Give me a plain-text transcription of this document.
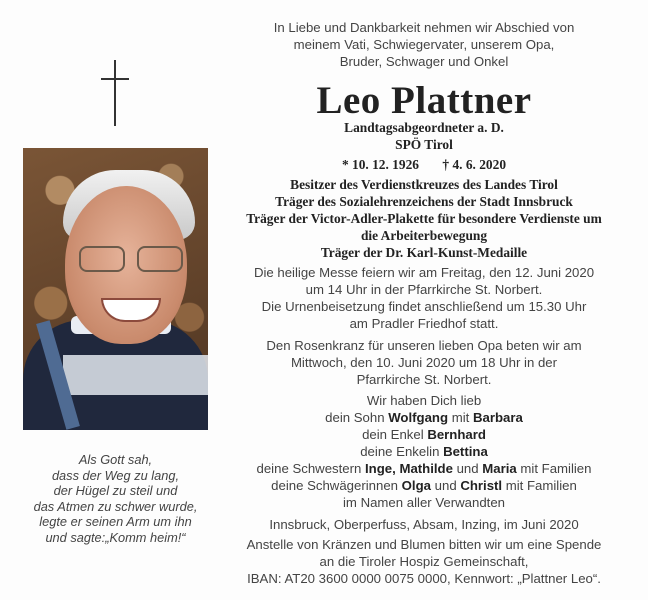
Als Gott sah,
dass der Weg zu lang,
der Hügel zu steil und
das Atmen zu schwer wurde,
legte er seinen Arm um ihn
und sagte:„Komm heim!“
In Liebe und Dankbarkeit nehmen wir Abschied von
meinem Vati, Schwiegervater, unserem Opa,
Bruder, Schwager und Onkel
Leo Plattner
Landtagsabgeordneter a. D.
SPÖ Tirol
* 10. 12. 1926 † 4. 6. 2020
Besitzer des Verdienstkreuzes des Landes Tirol
Träger des Sozialehrenzeichens der Stadt Innsbruck
Träger der Victor-Adler-Plakette für besondere Verdienste um
die Arbeiterbewegung
Träger der Dr. Karl-Kunst-Medaille
Die heilige Messe feiern wir am Freitag, den 12. Juni 2020
um 14 Uhr in der Pfarrkirche St. Norbert.
Die Urnenbeisetzung findet anschließend um 15.30 Uhr
am Pradler Friedhof statt.
Den Rosenkranz für unseren lieben Opa beten wir am
Mittwoch, den 10. Juni 2020 um 18 Uhr in der
Pfarrkirche St. Norbert.
Wir haben Dich lieb
dein Sohn Wolfgang mit Barbara
dein Enkel Bernhard
deine Enkelin Bettina
deine Schwestern Inge, Mathilde und Maria mit Familien
deine Schwägerinnen Olga und Christl mit Familien
im Namen aller Verwandten
Innsbruck, Oberperfuss, Absam, Inzing, im Juni 2020
Anstelle von Kränzen und Blumen bitten wir um eine Spende
an die Tiroler Hospiz Gemeinschaft,
IBAN: AT20 3600 0000 0075 0000, Kennwort: „Plattner Leo“.
